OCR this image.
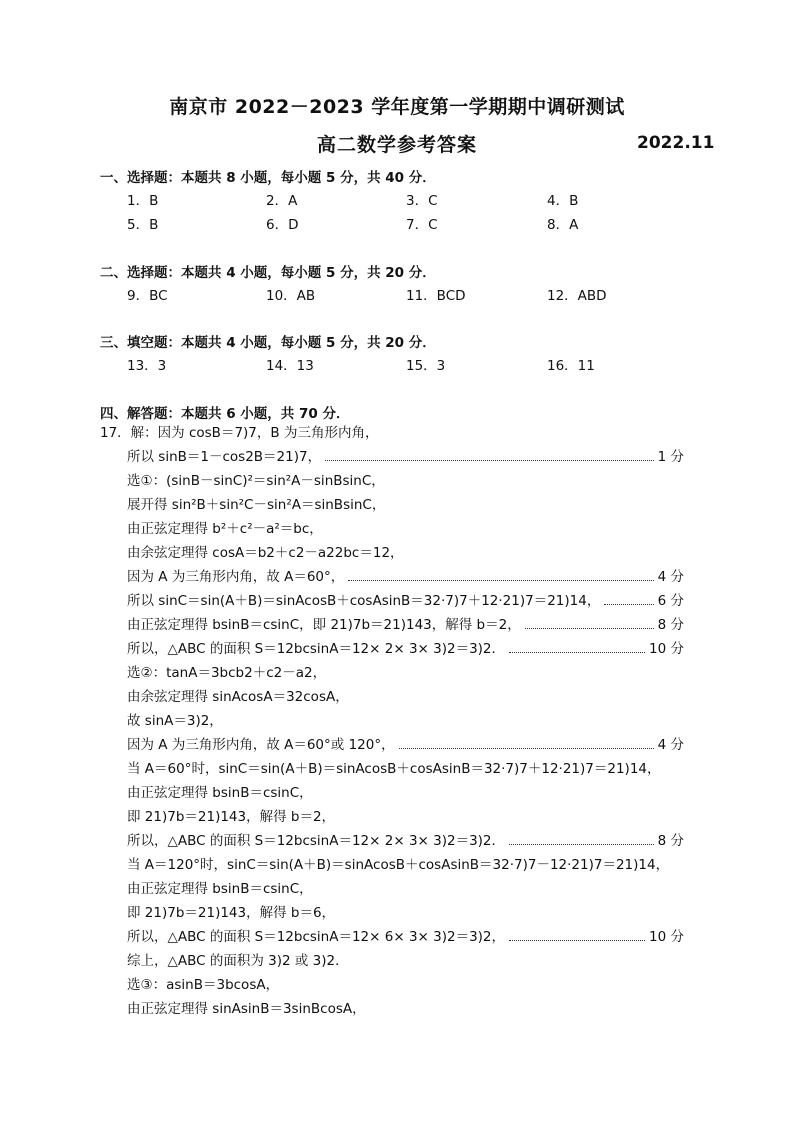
南京市 2022－2023 学年度第一学期期中调研测试
高二数学参考答案	2022.11
一、选择题：本题共 8 小题，每小题 5 分，共 40 分．
1．B	2．A	3．C	4．B
5．B	6．D	7．C	8．A
二、选择题：本题共 4 小题，每小题 5 分，共 20 分．
9．BC	10．AB	11．BCD	12．ABD
三、填空题：本题共 4 小题，每小题 5 分，共 20 分．
13．3	14．13	15．3	16．11
四、解答题：本题共 6 小题，共 70 分．
17．解：因为 cosB＝7)7，B 为三角形内角，
所以 sinB＝1－cos2B＝21)7，	1 分
选①：(sinB－sinC)²＝sin²A－sinBsinC，
展开得 sin²B＋sin²C－sin²A＝sinBsinC，
由正弦定理得 b²＋c²－a²＝bc，
由余弦定理得 cosA＝b2＋c2－a22bc＝12，
因为 A 为三角形内角，故 A＝60°，	4 分
所以 sinC＝sin(A＋B)＝sinAcosB＋cosAsinB＝32·7)7＋12·21)7＝21)14，	6 分
由正弦定理得 bsinB＝csinC，即 21)7b＝21)143，解得 b＝2，	8 分
所以，△ABC 的面积 S＝12bcsinA＝12× 2× 3× 3)2＝3)2．	10 分
选②：tanA＝3bcb2＋c2－a2，
由余弦定理得 sinAcosA＝32cosA，
故 sinA＝3)2，
因为 A 为三角形内角，故 A＝60°或 120°，	4 分
当 A＝60°时，sinC＝sin(A＋B)＝sinAcosB＋cosAsinB＝32·7)7＋12·21)7＝21)14，
由正弦定理得 bsinB＝csinC，
即 21)7b＝21)143，解得 b＝2，
所以，△ABC 的面积 S＝12bcsinA＝12× 2× 3× 3)2＝3)2．	8 分
当 A＝120°时，sinC＝sin(A＋B)＝sinAcosB＋cosAsinB＝32·7)7－12·21)7＝21)14，
由正弦定理得 bsinB＝csinC，
即 21)7b＝21)143，解得 b＝6，
所以，△ABC 的面积 S＝12bcsinA＝12× 6× 3× 3)2＝3)2，	10 分
综上，△ABC 的面积为 3)2 或 3)2．
选③：asinB＝3bcosA，
由正弦定理得 sinAsinB＝3sinBcosA，
